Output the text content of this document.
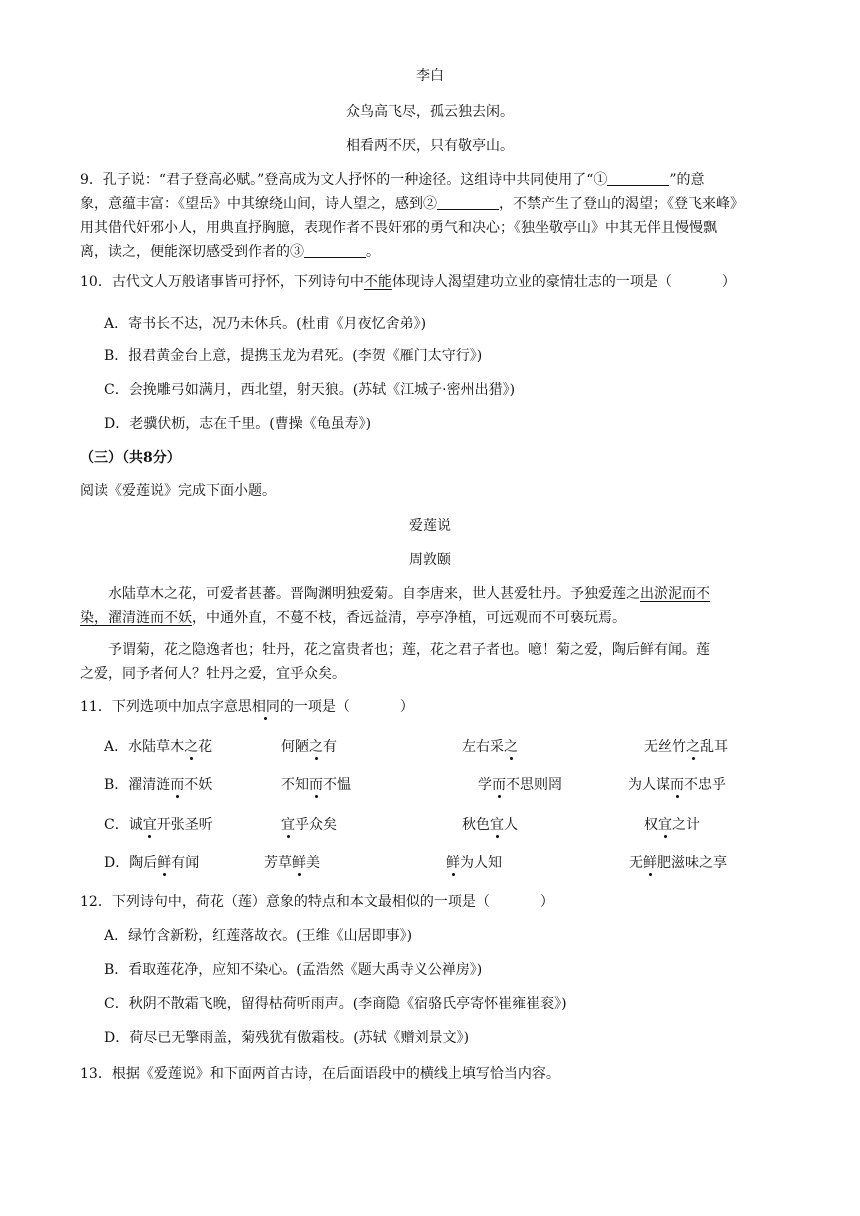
李白
众鸟高飞尽，孤云独去闲。
相看两不厌，只有敬亭山。
9．孔子说：“君子登高必赋。”登高成为文人抒怀的一种途径。这组诗中共同使用了“①	”的意
象，意蕴丰富：《望岳》中其缭绕山间，诗人望之，感到②	，不禁产生了登山的渴望；《登飞来峰》
用其借代奸邪小人，用典直抒胸臆，表现作者不畏奸邪的勇气和决心；《独坐敬亭山》中其无伴且慢慢飘
离，读之，便能深切感受到作者的③	。
10．古代文人万般诸事皆可抒怀，下列诗句中不能体现诗人渴望建功立业的豪情壮志的一项是（	）
A．寄书长不达，况乃未休兵。(杜甫《月夜忆舍弟》)
B．报君黄金台上意，提携玉龙为君死。(李贺《雁门太守行》)
C．会挽雕弓如满月，西北望，射天狼。(苏轼《江城子·密州出猎》)
D．老骥伏枥，志在千里。(曹操《龟虽寿》)
（三）（共8分）
阅读《爱莲说》完成下面小题。
爱莲说
周敦颐
水陆草木之花，可爱者甚蕃。晋陶渊明独爱菊。自李唐来，世人甚爱牡丹。予独爱莲之出淤泥而不
染，濯清涟而不妖，中通外直，不蔓不枝，香远益清，亭亭净植，可远观而不可亵玩焉。
予谓菊，花之隐逸者也；牡丹，花之富贵者也；莲，花之君子者也。噫！菊之爱，陶后鲜有闻。莲
之爱，同予者何人？牡丹之爱，宜乎众矣。
11．下列选项中加点字意思相同的一项是（	）
A．水陆草木之花	何陋之有	左右采之	无丝竹之乱耳
B．濯清涟而不妖	不知而不愠	学而不思则罔	为人谋而不忠乎
C．诚宜开张圣听	宜乎众矣	秋色宜人	权宜之计
D．陶后鲜有闻	芳草鲜美	鲜为人知	无鲜肥滋味之享
12．下列诗句中，荷花（莲）意象的特点和本文最相似的一项是（	）
A．绿竹含新粉，红莲落故衣。(王维《山居即事》)
B．看取莲花净，应知不染心。(孟浩然《题大禹寺义公禅房》)
C．秋阴不散霜飞晚，留得枯荷听雨声。(李商隐《宿骆氏亭寄怀崔雍崔衮》)
D．荷尽已无擎雨盖，菊残犹有傲霜枝。(苏轼《赠刘景文》)
13．根据《爱莲说》和下面两首古诗，在后面语段中的横线上填写恰当内容。
